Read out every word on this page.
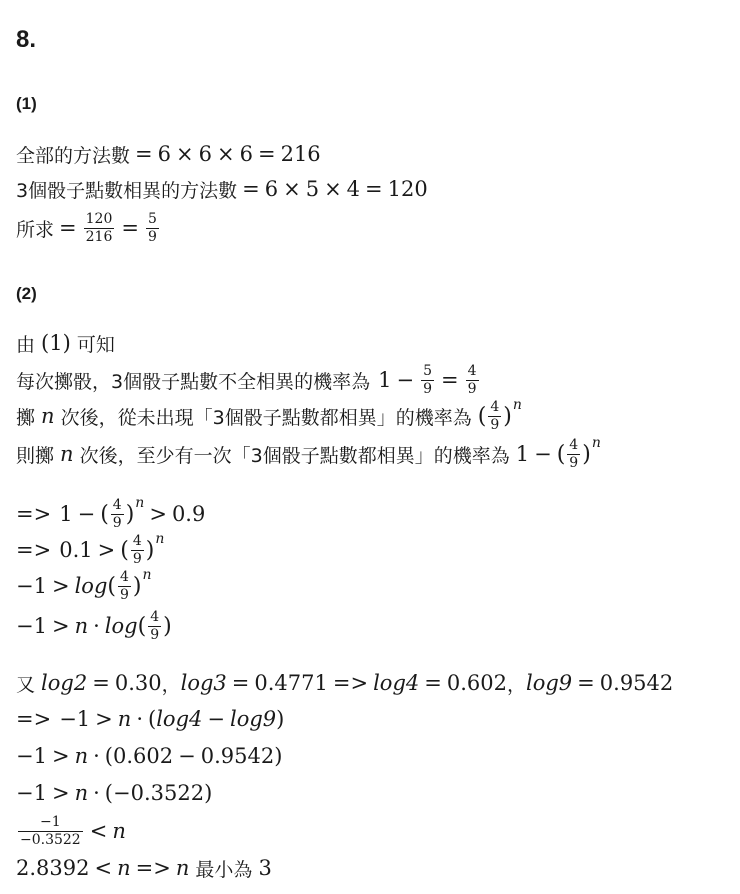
8.
(1)
全部的方法數 = 6 × 6 × 6 = 216
3個骰子點數相異的方法數 = 6 × 5 × 4 = 120
所求 = $\frac{120}{216} = \frac{5}{9}$
(2)
由 (1) 可知
每次擲骰，3個骰子點數不全相異的機率為 $1 - \frac{5}{9} = \frac{4}{9}$
擲 n 次後，從未出現「3個骰子點數都相異」的機率為 ( $\frac{4}{9}$ ) n
則擲 n 次後，至少有一次「3個骰子點數都相異」的機率為 1 − ( $\frac{4}{9}$ ) n
=> 1 − ( $\frac{4}{9}$ ) n > 0.9
=> 0.1 > ( $\frac{4}{9}$ ) n
−1 > log ( $\frac{4}{9}$ ) n
−1 > n · log ( $\frac{4}{9}$ )
又 log2 = 0.30 ， log3 = 0.4771 => log4 = 0.602 ， log9 = 0.9542
=> −1 > n · ( log4 − log9 )
−1 > n · ( 0.602 − 0.9542 )
−1 > n · (−0.3522)
$\frac{-1}{-0.3522} < n$
2.8392 < n => n 最小為 3
